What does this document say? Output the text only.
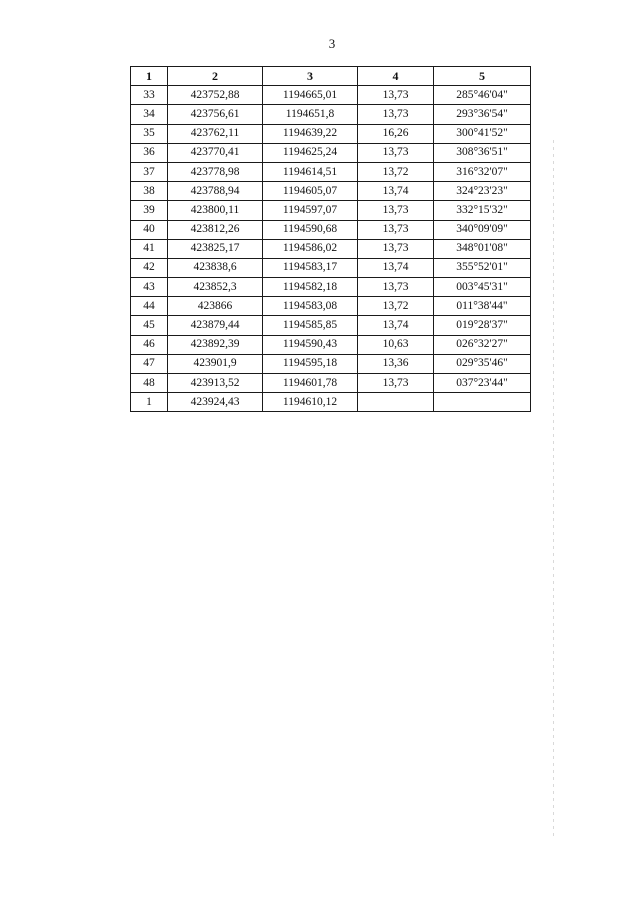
3
1	2	3	4	5
33	423752,88	1194665,01	13,73	285°46'04"
34	423756,61	1194651,8	13,73	293°36'54"
35	423762,11	1194639,22	16,26	300°41'52"
36	423770,41	1194625,24	13,73	308°36'51"
37	423778,98	1194614,51	13,72	316°32'07"
38	423788,94	1194605,07	13,74	324°23'23"
39	423800,11	1194597,07	13,73	332°15'32"
40	423812,26	1194590,68	13,73	340°09'09"
41	423825,17	1194586,02	13,73	348°01'08"
42	423838,6	1194583,17	13,74	355°52'01"
43	423852,3	1194582,18	13,73	003°45'31"
44	423866	1194583,08	13,72	011°38'44"
45	423879,44	1194585,85	13,74	019°28'37"
46	423892,39	1194590,43	10,63	026°32'27"
47	423901,9	1194595,18	13,36	029°35'46"
48	423913,52	1194601,78	13,73	037°23'44"
1	423924,43	1194610,12		
